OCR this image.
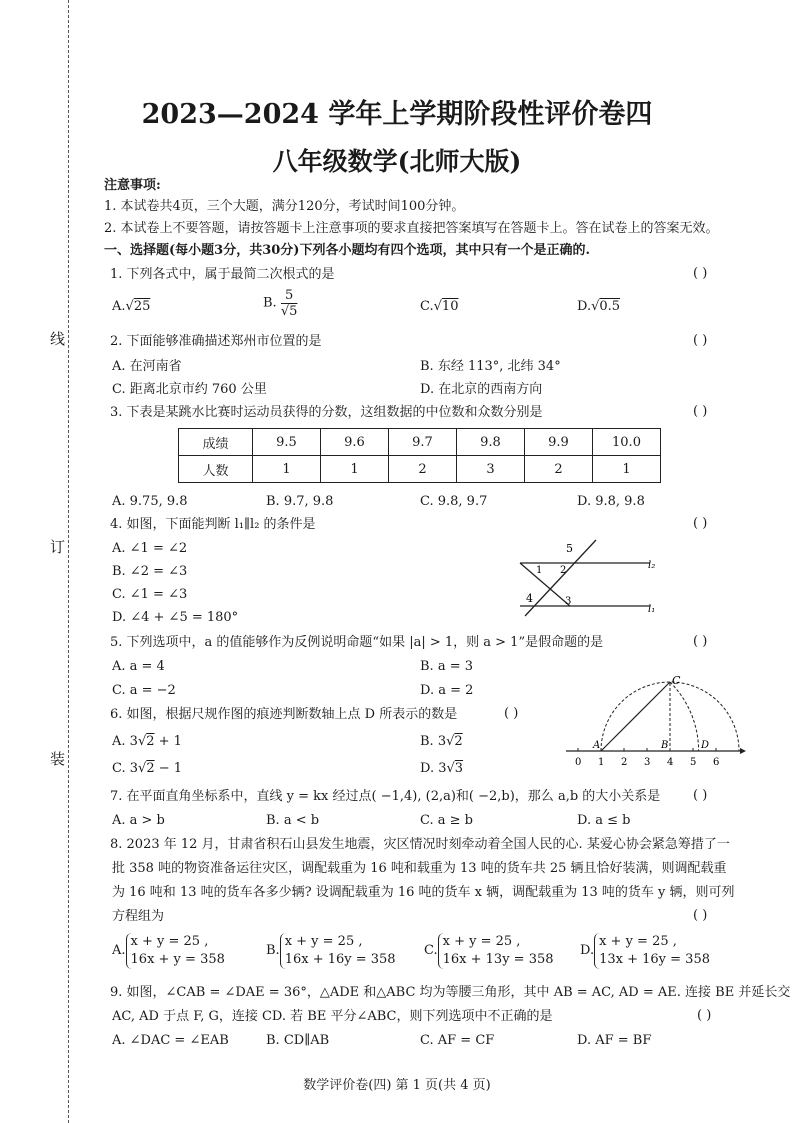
线
订
装
2023—2024 学年上学期阶段性评价卷四
八年级数学(北师大版)
注意事项:
1. 本试卷共4页，三个大题，满分120分，考试时间100分钟。
2. 本试卷上不要答题，请按答题卡上注意事项的要求直接把答案填写在答题卡上。答在试卷上的答案无效。
一、选择题(每小题3分，共30分)下列各小题均有四个选项，其中只有一个是正确的.
1. 下列各式中，属于最简二次根式的是	( )
A.√25	B. $\frac{5}{√5}$	C.√10	D.√0.5
2. 下面能够准确描述郑州市位置的是	( )
A. 在河南省	B. 东经 113°, 北纬 34°
C. 距离北京市约 760 公里	D. 在北京的西南方向
3. 下表是某跳水比赛时运动员获得的分数，这组数据的中位数和众数分别是	( )
成绩	9.5	9.6	9.7	9.8	9.9	10.0
人数	1	1	2	3	2	1
A. 9.75, 9.8	B. 9.7, 9.8	C. 9.8, 9.7	D. 9.8, 9.8
4. 如图，下面能判断 l₁∥l₂ 的条件是	( )
A. ∠1 = ∠2
B. ∠2 = ∠3
C. ∠1 = ∠3
D. ∠4 + ∠5 = 180°
5
1 2
4	3
l₂
l₁
5. 下列选项中，a 的值能够作为反例说明命题“如果 |a| > 1，则 a > 1”是假命题的是	( )
A. a = 4	B. a = 3
C. a = −2	D. a = 2
6. 如图，根据尺规作图的痕迹判断数轴上点 D 所表示的数是	( )
A. 3√2 + 1	B. 3√2
C. 3√2 − 1	D. 3√3
C
A	B	D
0 1 2 3 4 5 6
7. 在平面直角坐标系中，直线 y = kx 经过点( −1,4), (2,a)和( −2,b)，那么 a,b 的大小关系是	( )
A. a > b	B. a < b	C. a ≥ b	D. a ≤ b
8. 2023 年 12 月，甘肃省积石山县发生地震，灾区情况时刻牵动着全国人民的心. 某爱心协会紧急筹措了一
批 358 吨的物资准备运往灾区，调配载重为 16 吨和载重为 13 吨的货车共 25 辆且恰好装满，则调配载重
为 16 吨和 13 吨的货车各多少辆? 设调配载重为 16 吨的货车 x 辆，调配载重为 13 吨的货车 y 辆，则可列
方程组为	( )
A.
x + y = 25 ,
16x + y = 358
B.
x + y = 25 ,
16x + 16y = 358
C.
x + y = 25 ,
16x + 13y = 358
D.
x + y = 25 ,
13x + 16y = 358
9. 如图，∠CAB = ∠DAE = 36°，△ADE 和△ABC 均为等腰三角形，其中 AB = AC, AD = AE. 连接 BE 并延长交
AC, AD 于点 F, G，连接 CD. 若 BE 平分∠ABC，则下列选项中不正确的是	( )
A. ∠DAC = ∠EAB	B. CD∥AB	C. AF = CF	D. AF = BF
数学评价卷(四) 第 1 页(共 4 页)
